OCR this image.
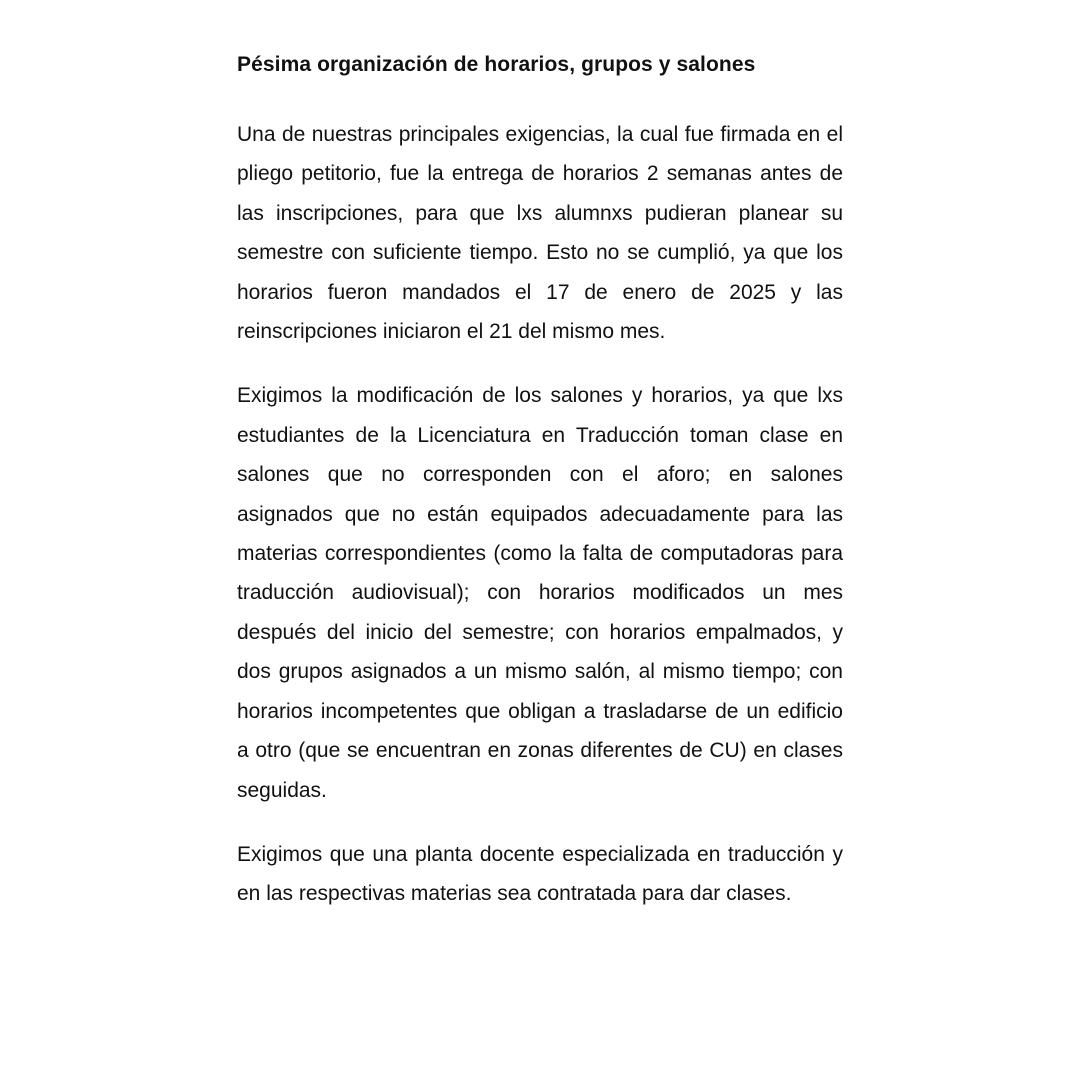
Pésima organización de horarios, grupos y salones

Una de nuestras principales exigencias, la cual fue firmada en el pliego petitorio, fue la entrega de horarios 2 semanas antes de las inscripciones, para que lxs alumnxs pudieran planear su semestre con suficiente tiempo. Esto no se cumplió, ya que los horarios fueron mandados el 17 de enero de 2025 y las reinscripciones iniciaron el 21 del mismo mes.

Exigimos la modificación de los salones y horarios, ya que lxs estudiantes de la Licenciatura en Traducción toman clase en salones que no corresponden con el aforo; en salones asignados que no están equipados adecuadamente para las materias correspondientes (como la falta de computadoras para traducción audiovisual); con horarios modificados un mes después del inicio del semestre; con horarios empalmados, y dos grupos asignados a un mismo salón, al mismo tiempo; con horarios incompetentes que obligan a trasladarse de un edificio a otro (que se encuentran en zonas diferentes de CU) en clases seguidas.

Exigimos que una planta docente especializada en traducción y en las respectivas materias sea contratada para dar clases.
